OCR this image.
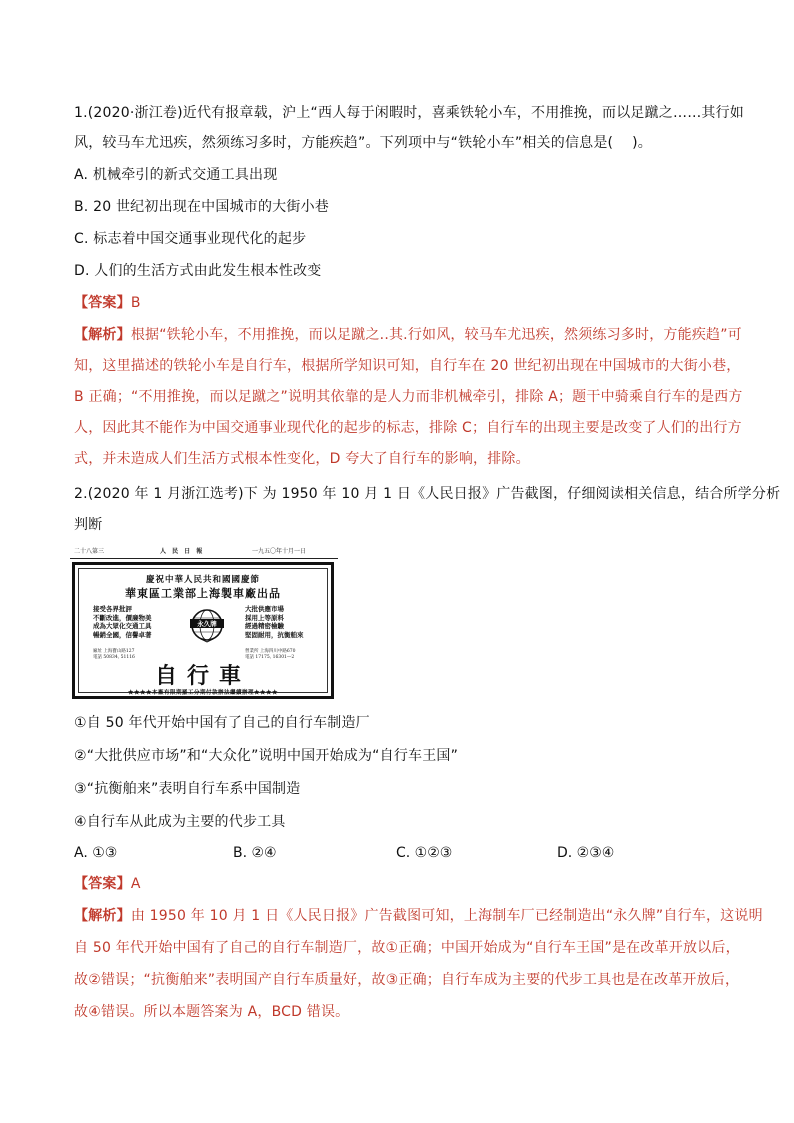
1.(2020·浙江卷)近代有报章载，沪上“西人每于闲暇时，喜乘铁轮小车，不用推挽，而以足蹴之……其行如
风，较马车尤迅疾，然须练习多时，方能疾趋”。下列项中与“铁轮小车”相关的信息是(　 )。
A. 机械牵引的新式交通工具出现
B. 20 世纪初出现在中国城市的大街小巷
C. 标志着中国交通事业现代化的起步
D. 人们的生活方式由此发生根本性改变
【答案】B
【解析】根据“铁轮小车，不用推挽，而以足蹴之..其.行如风，较马车尤迅疾，然须练习多时，方能疾趋”可
知，这里描述的铁轮小车是自行车，根据所学知识可知，自行车在 20 世纪初出现在中国城市的大街小巷，
B 正确；“不用推挽，而以足蹴之”说明其依靠的是人力而非机械牵引，排除 A；题干中骑乘自行车的是西方
人，因此其不能作为中国交通事业现代化的起步的标志，排除 C；自行车的出现主要是改变了人们的出行方
式，并未造成人们生活方式根本性变化，D 夸大了自行车的影响，排除。
2.(2020 年 1 月浙江选考)下 为 1950 年 10 月 1 日《人民日报》广告截图，仔细阅读相关信息，结合所学分析
判断
二十八第三	人 民 日 報	一九五〇年十月一日
慶祝中華人民共和國國慶節
華東區工業部上海製車廠出品
接受各界批評
不斷改進，價廉物美
成為大眾化交通工具
暢銷全國，信譽卓著
大批供應市場
採用上等原料
經過精密檢驗
堅固耐用，抗衡舶來
廠址 上海寶山路127
電話 50834, 51116
營業所 上海四川中路670
電話 17175, 16301—2
永久牌
自行車
★★★★本廠有限期羅工分期付款辦法繼續辦理★★★★
①自 50 年代开始中国有了自己的自行车制造厂
②“大批供应市场”和“大众化”说明中国开始成为“自行车王国”
③“抗衡舶来”表明自行车系中国制造
④自行车从此成为主要的代步工具
A. ①③	B. ②④	C. ①②③	D. ②③④
【答案】A
【解析】由 1950 年 10 月 1 日《人民日报》广告截图可知，上海制车厂已经制造出“永久牌”自行车，这说明
自 50 年代开始中国有了自己的自行车制造厂，故①正确；中国开始成为“自行车王国”是在改革开放以后，
故②错误；“抗衡舶来”表明国产自行车质量好，故③正确；自行车成为主要的代步工具也是在改革开放后，
故④错误。所以本题答案为 A，BCD 错误。
